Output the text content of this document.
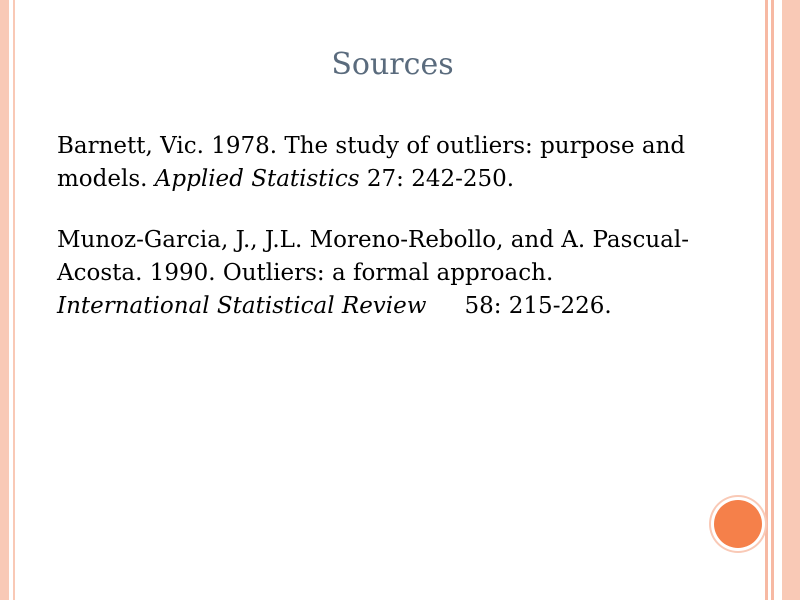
Sources
Barnett, Vic. 1978. The study of outliers: purpose and models. Applied Statistics 27: 242-250.
Munoz-Garcia, J., J.L. Moreno-Rebollo, and A. Pascual-Acosta. 1990. Outliers: a formal approach. International Statistical Review 58: 215-226.
